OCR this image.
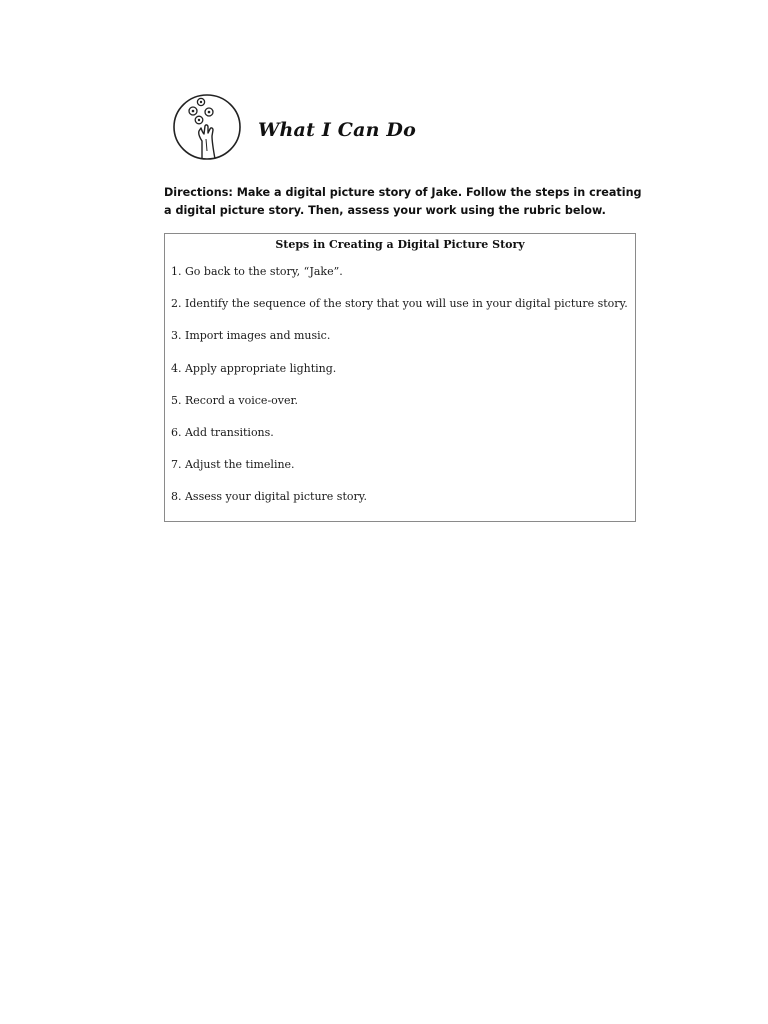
What I Can Do

Directions: Make a digital picture story of Jake. Follow the steps in creating

a digital picture story. Then, assess your work using the rubric below.

Steps in Creating a Digital Picture Story
1. Go back to the story, “Jake”.
2. Identify the sequence of the story that you will use in your digital picture story.
3. Import images and music.
4. Apply appropriate lighting.
5. Record a voice-over.
6. Add transitions.
7. Adjust the timeline.
8. Assess your digital picture story.
